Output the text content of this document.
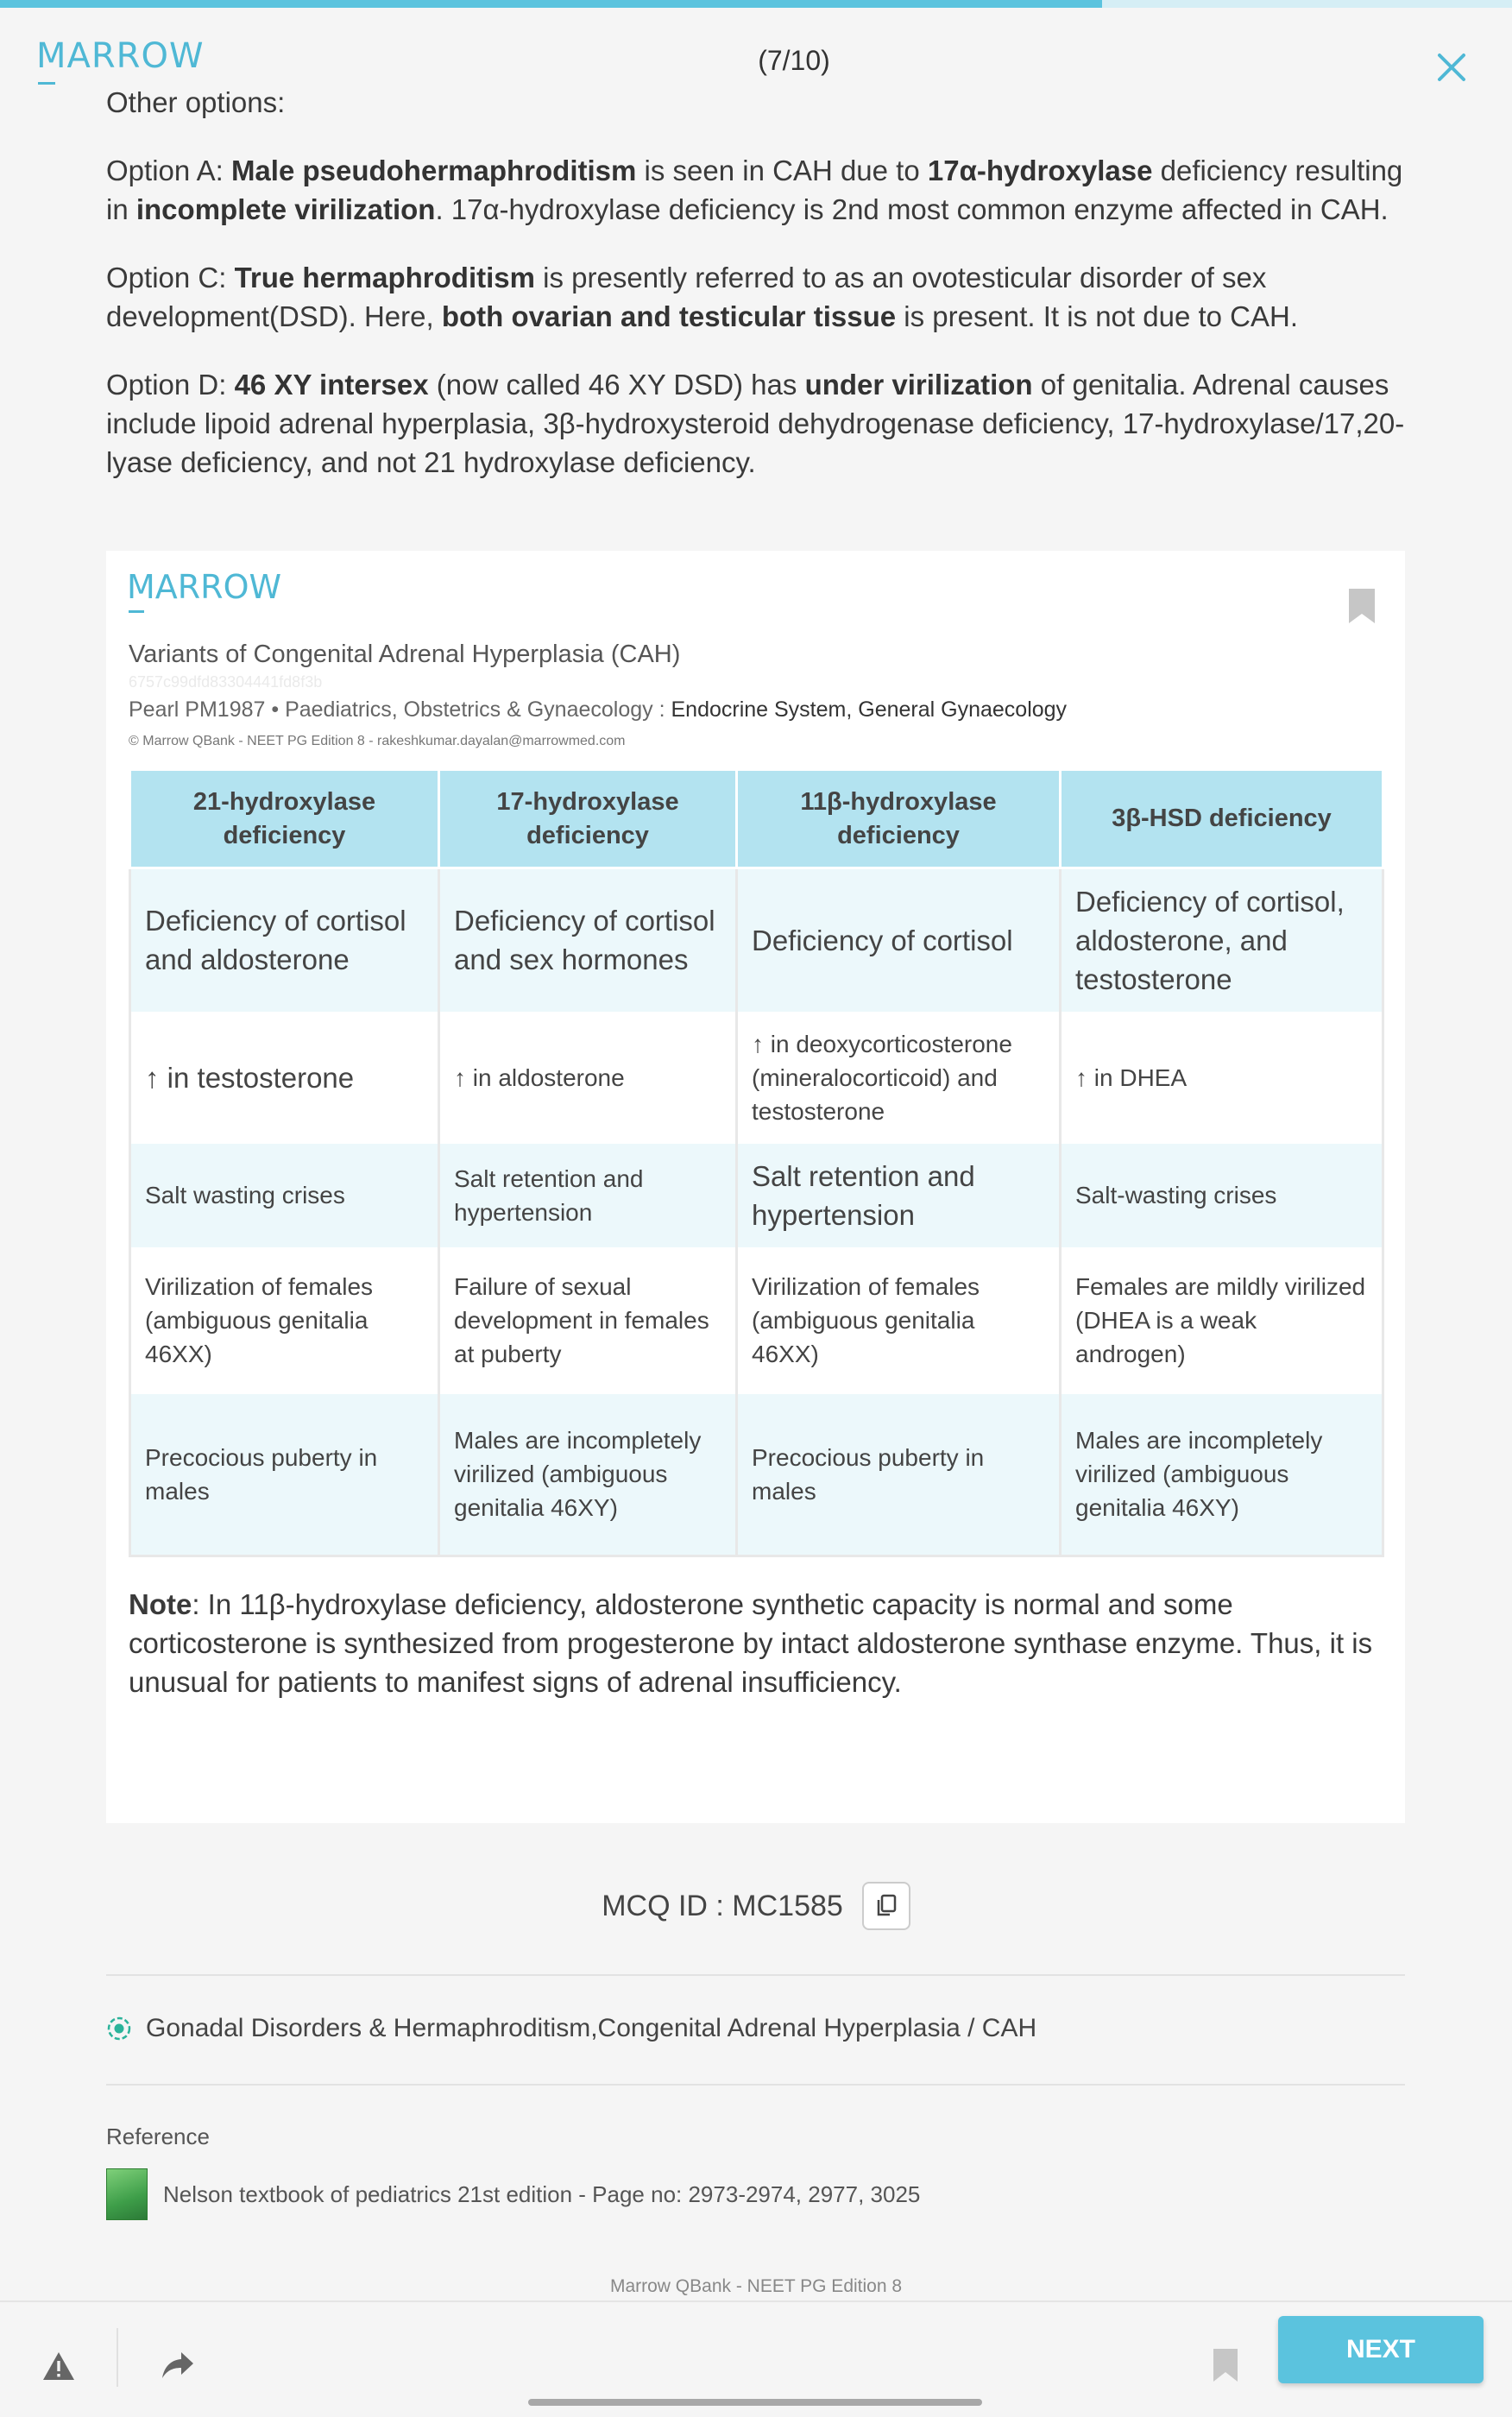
MARROW	(7/10)

Other options:

Option A: Male pseudohermaphroditism is seen in CAH due to 17α-hydroxylase deficiency resulting in incomplete virilization. 17α-hydroxylase deficiency is 2nd most common enzyme affected in CAH.

Option C: True hermaphroditism is presently referred to as an ovotesticular disorder of sex development(DSD). Here, both ovarian and testicular tissue is present. It is not due to CAH.

Option D: 46 XY intersex (now called 46 XY DSD) has under virilization of genitalia. Adrenal causes include lipoid adrenal hyperplasia, 3β-hydroxysteroid dehydrogenase deficiency, 17-hydroxylase/17,20-lyase deficiency, and not 21 hydroxylase deficiency.

MARROW
Variants of Congenital Adrenal Hyperplasia (CAH)
6757c99dfd83304441fd8f3b
Pearl PM1987 • Paediatrics, Obstetrics & Gynaecology : Endocrine System, General Gynaecology
© Marrow QBank - NEET PG Edition 8 - rakeshkumar.dayalan@marrowmed.com
21-hydroxylase deficiency	17-hydroxylase deficiency	11β-hydroxylase deficiency	3β-HSD deficiency
Deficiency of cortisol and aldosterone	Deficiency of cortisol and sex hormones	Deficiency of cortisol	Deficiency of cortisol, aldosterone, and testosterone
↑ in testosterone	↑ in aldosterone	↑ in deoxycorticosterone (mineralocorticoid) and testosterone	↑ in DHEA
Salt wasting crises	Salt retention and hypertension	Salt retention and hypertension	Salt-wasting crises
Virilization of females (ambiguous genitalia 46XX)	Failure of sexual development in females at puberty	Virilization of females (ambiguous genitalia 46XX)	Females are mildly virilized (DHEA is a weak androgen)
Precocious puberty in males	Males are incompletely virilized (ambiguous genitalia 46XY)	Precocious puberty in males	Males are incompletely virilized (ambiguous genitalia 46XY)
Note: In 11β-hydroxylase deficiency, aldosterone synthetic capacity is normal and some corticosterone is synthesized from progesterone by intact aldosterone synthase enzyme. Thus, it is unusual for patients to manifest signs of adrenal insufficiency.
MCQ ID : MC1585
Gonadal Disorders & Hermaphroditism,Congenital Adrenal Hyperplasia / CAH
Reference
Nelson textbook of pediatrics 21st edition - Page no: 2973-2974, 2977, 3025
Marrow QBank - NEET PG Edition 8
NEXT
